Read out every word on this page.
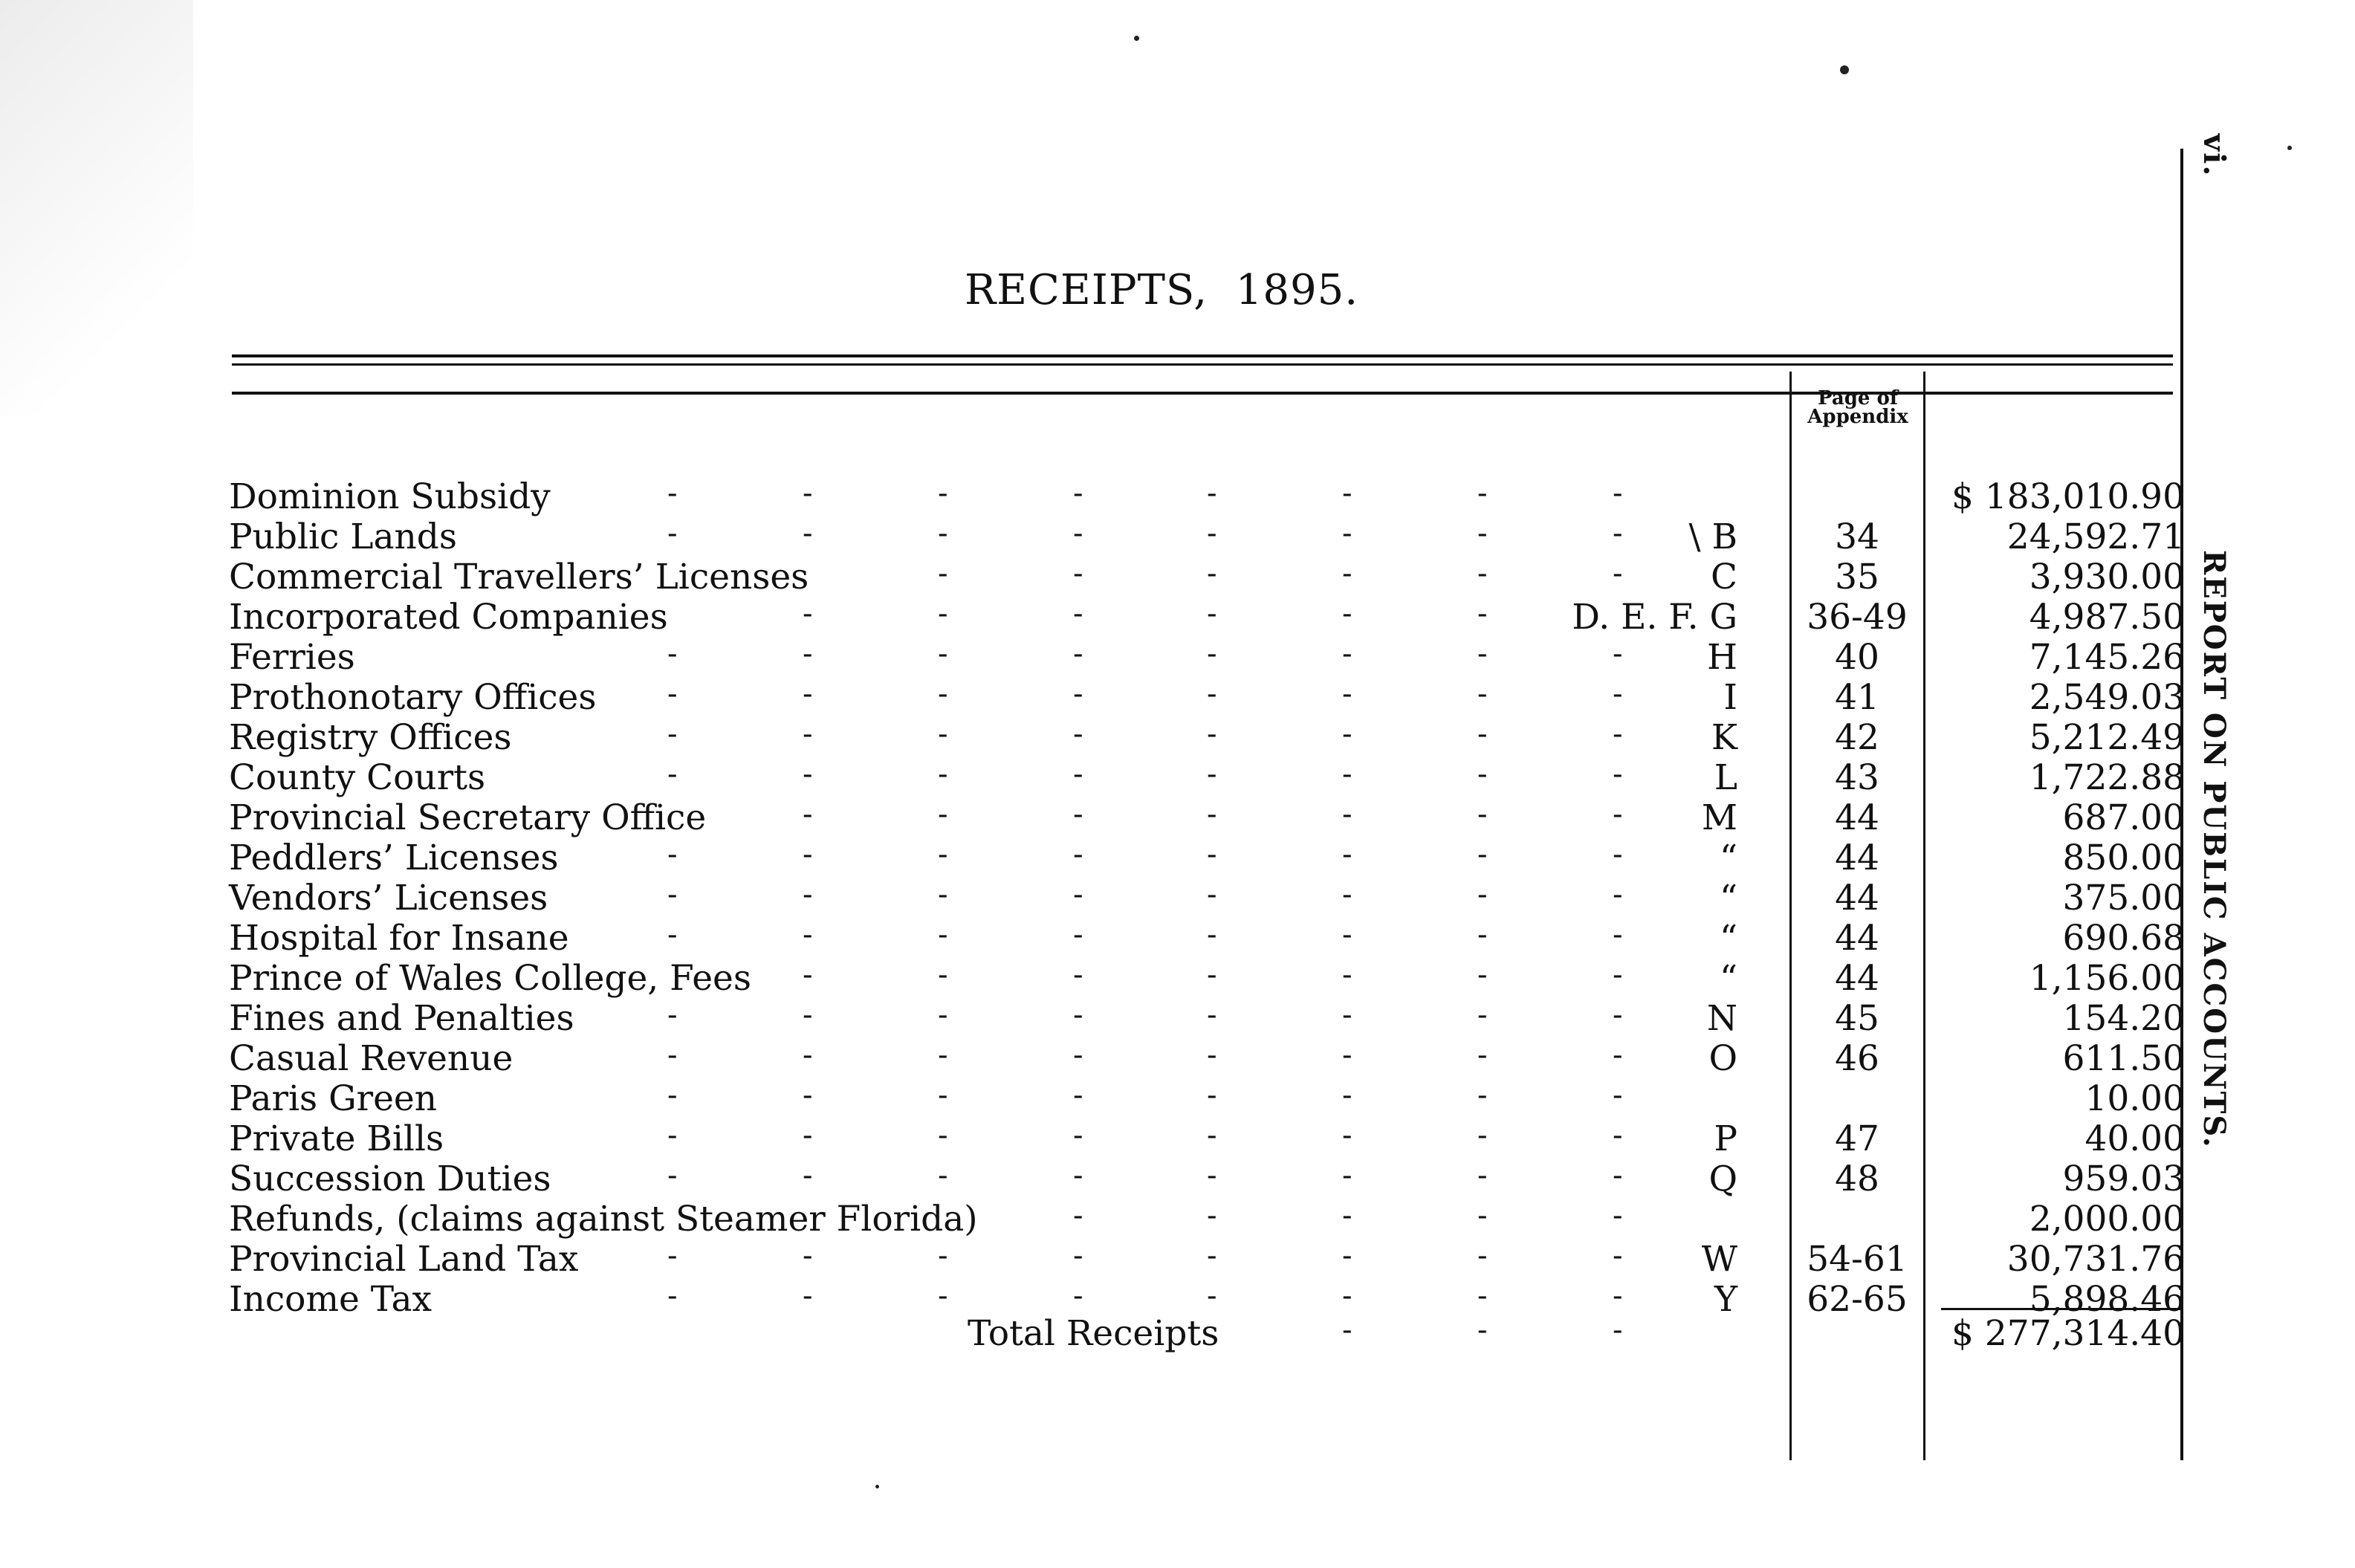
RECEIPTS,  1895.
Page of
Appendix
Dominion Subsidy	$ 183,010.90
Public Lands	\ B	34	24,592.71
Commercial Travellers’ Licenses	C	35	3,930.00
Incorporated Companies	D. E. F. G	36-49	4,987.50
Ferries	H	40	7,145.26
Prothonotary Offices	I	41	2,549.03
Registry Offices	K	42	5,212.49
County Courts	L	43	1,722.88
Provincial Secretary Office	M	44	687.00
Peddlers’ Licenses	“	44	850.00
Vendors’ Licenses	“	44	375.00
Hospital for Insane	“	44	690.68
Prince of Wales College, Fees	“	44	1,156.00
Fines and Penalties	N	45	154.20
Casual Revenue	O	46	611.50
Paris Green	10.00
Private Bills	P	47	40.00
Succession Duties	Q	48	959.03
Refunds, (claims against Steamer Florida)	2,000.00
Provincial Land Tax	W	54-61	30,731.76
Income Tax	Y	62-65	5,898.46
Total Receipts	$ 277,314.40
-	-	-	-	-	-	-	-
-	-	-	-	-	-	-	-
-	-	-	-	-	-
-	-	-	-	-	-
-	-	-	-	-	-	-	-
-	-	-	-	-	-	-	-
-	-	-	-	-	-	-	-
-	-	-	-	-	-	-	-
-	-	-	-	-	-	-
-	-	-	-	-	-	-	-
-	-	-	-	-	-	-	-
-	-	-	-	-	-	-	-
-	-	-	-	-	-	-
-	-	-	-	-	-	-	-
-	-	-	-	-	-	-	-
-	-	-	-	-	-	-	-
-	-	-	-	-	-	-	-
-	-	-	-	-	-	-	-
-	-	-	-	-
-	-	-	-	-	-	-	-
-	-	-	-	-	-	-	-
-	-	-

vi.

REPORT ON PUBLIC ACCOUNTS.
